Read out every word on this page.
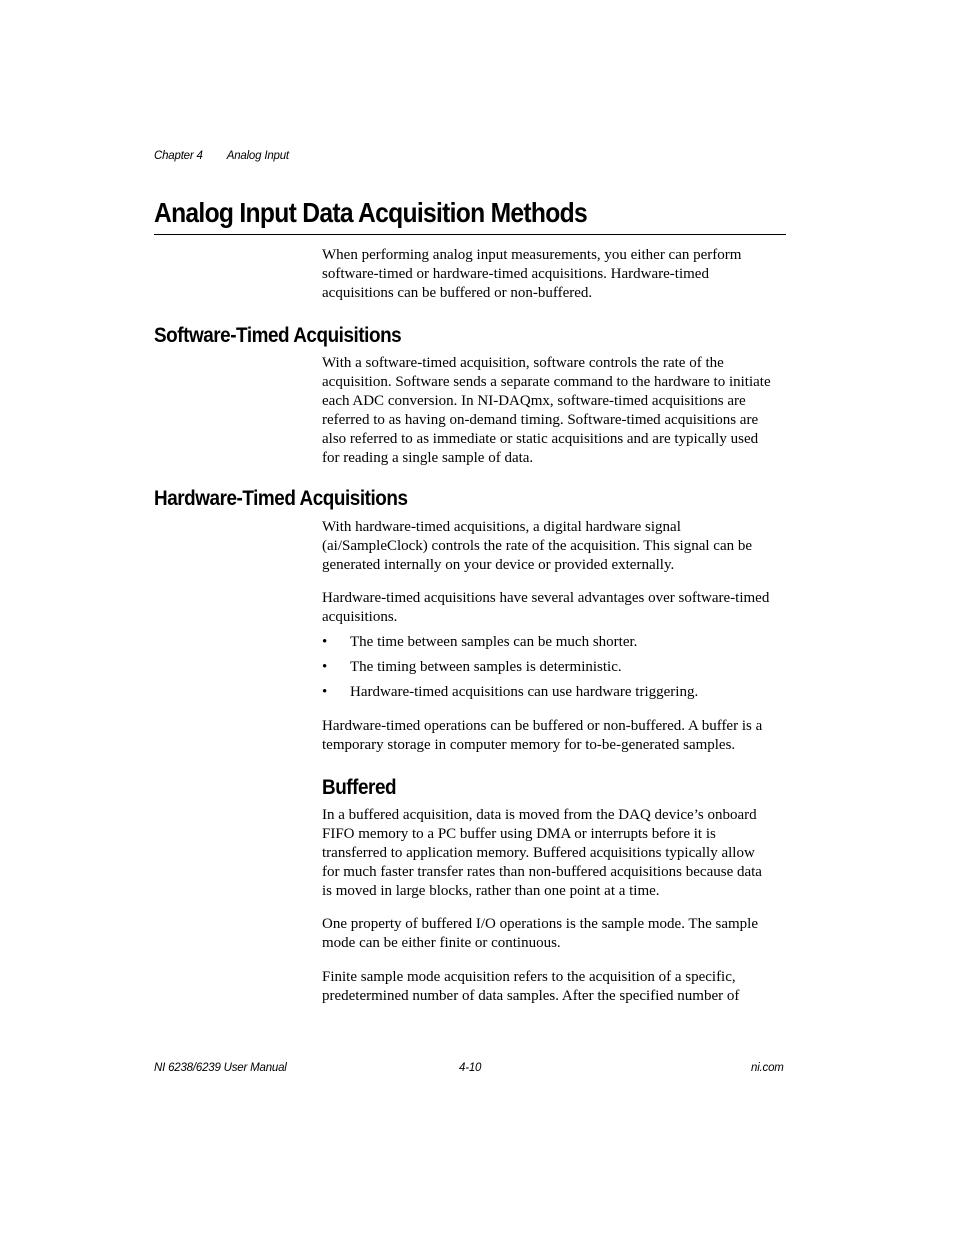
Chapter 4 Analog Input
Analog Input Data Acquisition Methods

When performing analog input measurements, you either can perform
software-timed or hardware-timed acquisitions. Hardware-timed
acquisitions can be buffered or non-buffered.

Software-Timed Acquisitions

With a software-timed acquisition, software controls the rate of the
acquisition. Software sends a separate command to the hardware to initiate
each ADC conversion. In NI-DAQmx, software-timed acquisitions are
referred to as having on-demand timing. Software-timed acquisitions are
also referred to as immediate or static acquisitions and are typically used
for reading a single sample of data.

Hardware-Timed Acquisitions

With hardware-timed acquisitions, a digital hardware signal
(ai/SampleClock) controls the rate of the acquisition. This signal can be
generated internally on your device or provided externally.

Hardware-timed acquisitions have several advantages over software-timed
acquisitions.

• The time between samples can be much shorter.

• The timing between samples is deterministic.

• Hardware-timed acquisitions can use hardware triggering.

Hardware-timed operations can be buffered or non-buffered. A buffer is a
temporary storage in computer memory for to-be-generated samples.

Buffered

In a buffered acquisition, data is moved from the DAQ device’s onboard
FIFO memory to a PC buffer using DMA or interrupts before it is
transferred to application memory. Buffered acquisitions typically allow
for much faster transfer rates than non-buffered acquisitions because data
is moved in large blocks, rather than one point at a time.

One property of buffered I/O operations is the sample mode. The sample
mode can be either finite or continuous.

Finite sample mode acquisition refers to the acquisition of a specific,
predetermined number of data samples. After the specified number of

NI 6238/6239 User Manual	4-10	ni.com
